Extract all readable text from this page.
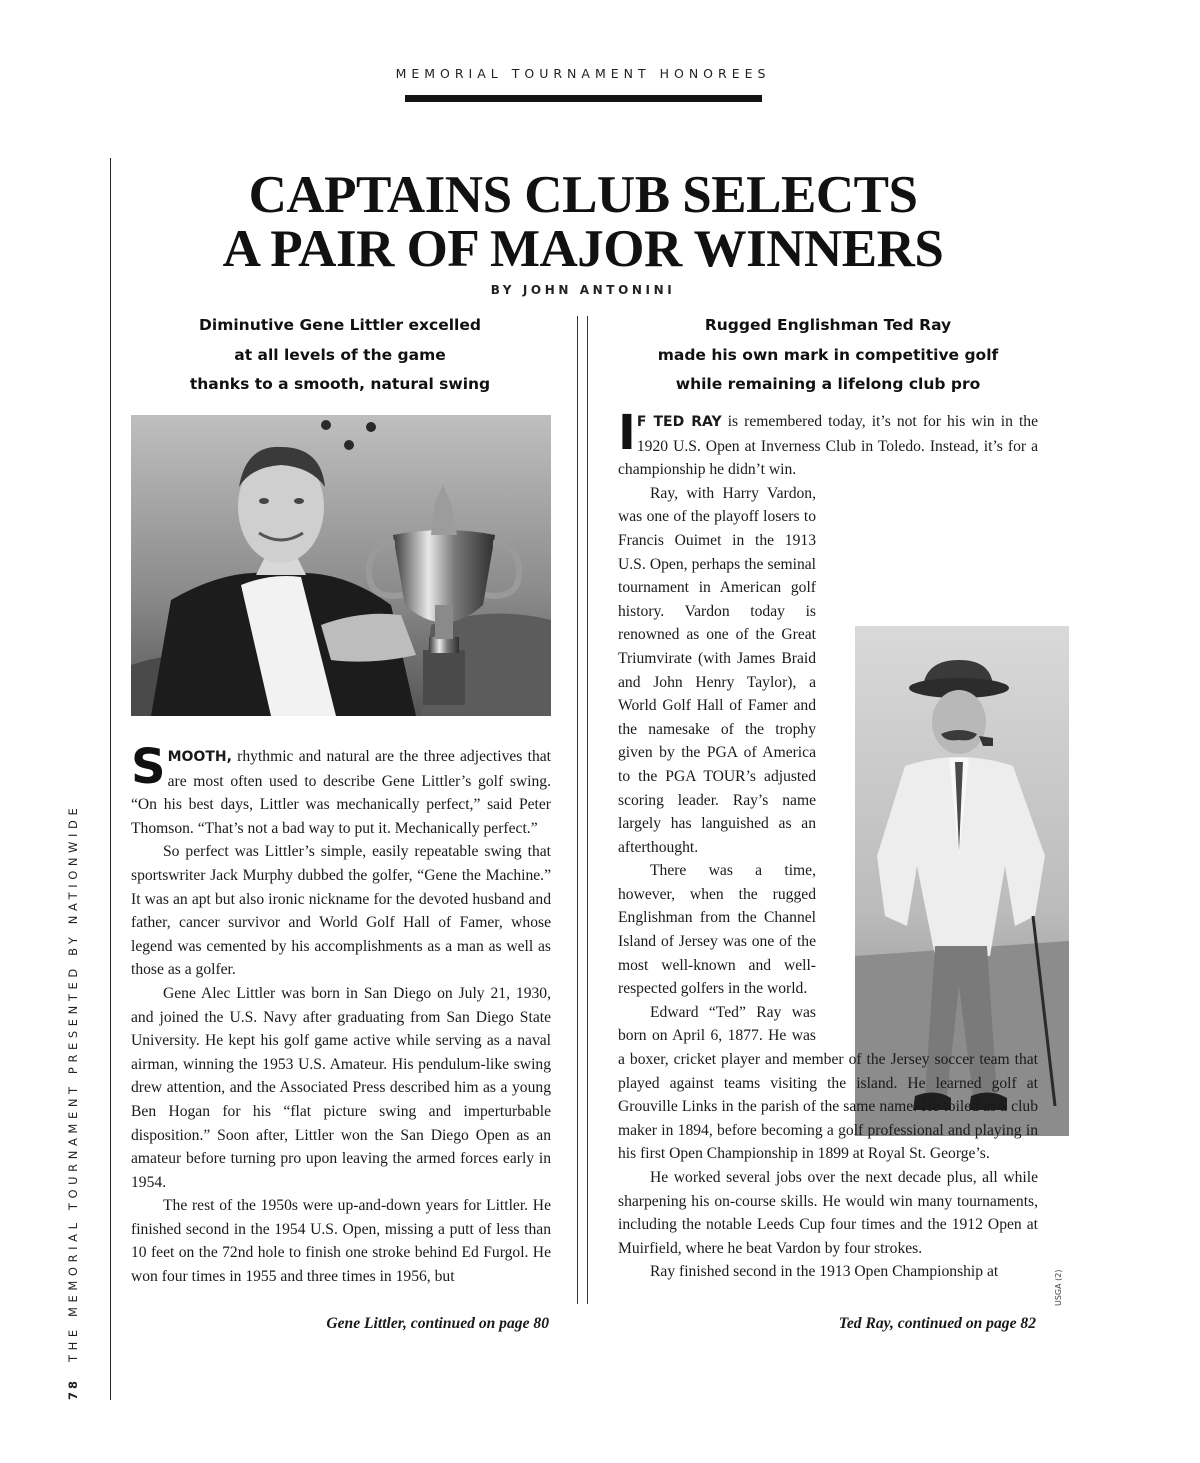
MEMORIAL TOURNAMENT HONOREES
78THE MEMORIAL TOURNAMENT PRESENTED BY NATIONWIDE
CAPTAINS CLUB SELECTS
A PAIR OF MAJOR WINNERS
BY JOHN ANTONINI
Diminutive Gene Littler excelled
at all levels of the game
thanks to a smooth, natural swing
Rugged Englishman Ted Ray
made his own mark in competitive golf
while remaining a lifelong club pro

SMOOTH, rhythmic and natural are the three adjectives that are most often used to describe Gene Littler’s golf swing. “On his best days, Littler was mechanically perfect,” said Peter Thomson. “That’s not a bad way to put it. Mechanically perfect.”

So perfect was Littler’s simple, easily repeatable swing that sportswriter Jack Murphy dubbed the golfer, “Gene the Machine.” It was an apt but also ironic nickname for the devoted husband and father, cancer survivor and World Golf Hall of Famer, whose legend was cemented by his accomplishments as a man as well as those as a golfer.

Gene Alec Littler was born in San Diego on July 21, 1930, and joined the U.S. Navy after graduating from San Diego State University. He kept his golf game active while serving as a naval airman, winning the 1953 U.S. Amateur. His pendulum-like swing drew attention, and the Associated Press described him as a young Ben Hogan for his “flat picture swing and imperturbable disposition.” Soon after, Littler won the San Diego Open as an amateur before turning pro upon leaving the armed forces early in 1954.

The rest of the 1950s were up-and-down years for Littler. He finished second in the 1954 U.S. Open, missing a putt of less than 10 feet on the 72nd hole to finish one stroke behind Ed Furgol. He won four times in 1955 and three times in 1956, but

I F TED RAY is remembered today, it’s not for his win in the 1920 U.S. Open at Inverness Club in Toledo. Instead, it’s for a championship he didn’t win.

Ray, with Harry Vardon, was one of the playoff losers to Francis Ouimet in the 1913 U.S. Open, perhaps the seminal tournament in American golf history. Vardon today is renowned as one of the Great Triumvirate (with James Braid and John Henry Taylor), a World Golf Hall of Famer and the namesake of the trophy given by the PGA of America to the PGA TOUR’s adjusted scoring leader. Ray’s name largely has languished as an afterthought.

There was a time, however, when the rugged Englishman from the Channel Island of Jersey was one of the most well-known and well-respected golfers in the world.

Edward “Ted” Ray was born on April 6, 1877. He was a boxer, cricket player and member of the Jersey soccer team that played against teams visiting the island. He learned golf at Grouville Links in the parish of the same name. He toiled as a club maker in 1894, before becoming a golf professional and playing in his first Open Championship in 1899 at Royal St. George’s.

He worked several jobs over the next decade plus, all while sharpening his on-course skills. He would win many tournaments, including the notable Leeds Cup four times and the 1912 Open at Muirfield, where he beat Vardon by four strokes.

Ray finished second in the 1913 Open Championship at

Gene Littler, continued on page 80	Ted Ray, continued on page 82
USGA (2)
